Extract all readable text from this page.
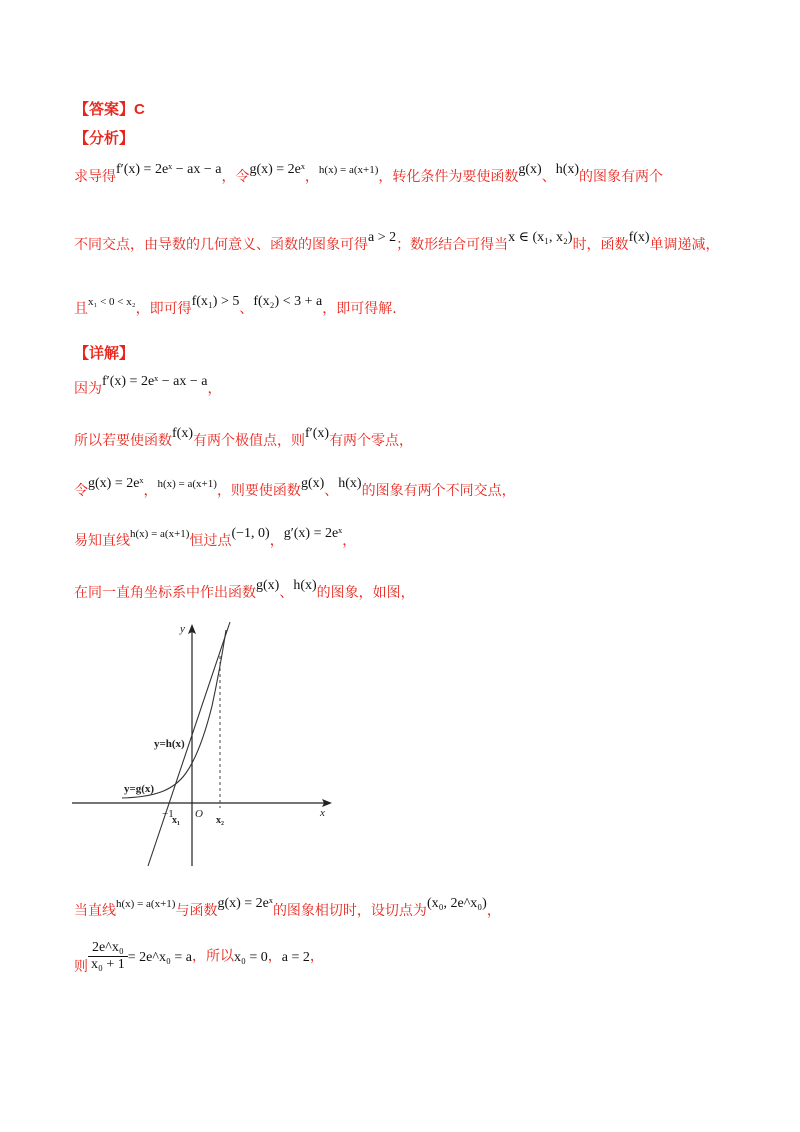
【答案】C
【分析】
求导得f′(x) = 2eˣ − ax − a，令g(x) = 2eˣ，h(x) = a(x+1)，转化条件为要使函数g(x)、h(x)的图象有两个
不同交点，由导数的几何意义、函数的图象可得a > 2；数形结合可得当x ∈ (x₁, x₂)时，函数f(x)单调递减，
且x₁ < 0 < x₂，即可得f(x₁) > 5、f(x₂) < 3 + a，即可得解.
【详解】
因为f′(x) = 2eˣ − ax − a，
所以若要使函数f(x)有两个极值点，则f′(x)有两个零点，
令g(x) = 2eˣ，h(x) = a(x+1)，则要使函数g(x)、h(x)的图象有两个不同交点，
易知直线h(x) = a(x+1)恒过点(−1, 0)，g′(x) = 2eˣ，
在同一直角坐标系中作出函数g(x)、h(x)的图象，如图，
y
x
O
y=h(x)
y=g(x)
−1
x₁	x₂
当直线h(x) = a(x+1)与函数g(x) = 2eˣ的图象相切时，设切点为(x₀, 2e^x₀)，
则 $\frac{\text{2e\textasciicircum{}x₀}}{\text{x₀ + 1}}$ = 2e^x₀ = a，所以x₀ = 0，a = 2，
